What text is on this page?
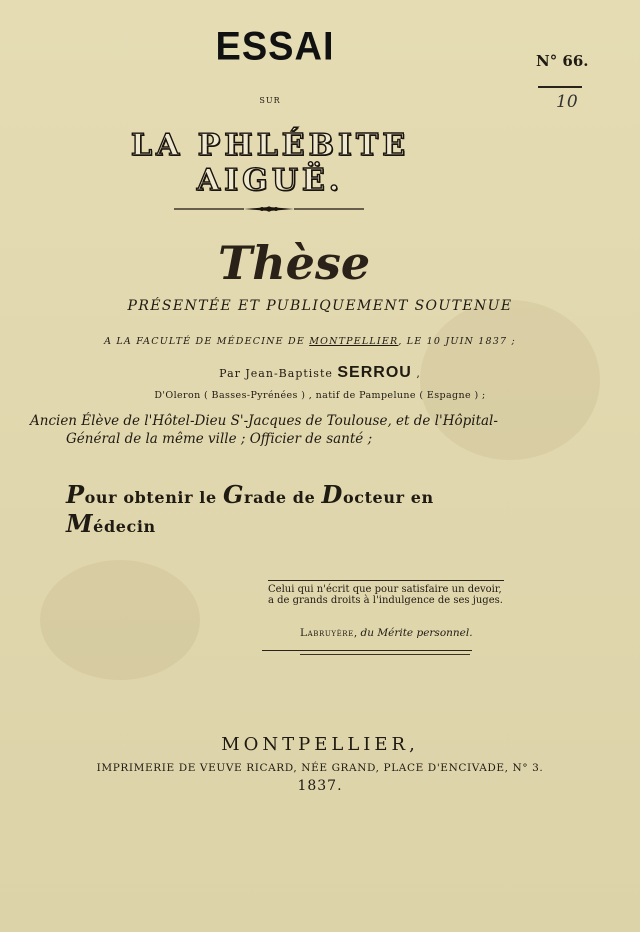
ESSAI	N° 66.
10
SUR
LA PHLÉBITE AIGUË.
Thèse
PRÉSENTÉE ET PUBLIQUEMENT SOUTENUE
A LA FACULTÉ DE MÉDECINE DE MONTPELLIER, LE 10 JUIN 1837 ;
Par Jean-Baptiste SERROU ,
D'Oleron ( Basses-Pyrénées ) , natif de Pampelune ( Espagne ) ;
Ancien Élève de l'Hôtel-Dieu S'-Jacques de Toulouse, et de l'Hôpital-
Général de la même ville ; Officier de santé ;
Pour obtenir le Grade de Docteur en Médecin
Celui qui n'écrit que pour satisfaire un devoir, a de grands droits à l'indulgence de ses juges.
Labruyère, du Mérite personnel.
MONTPELLIER,
IMPRIMERIE DE VEUVE RICARD, NÉE GRAND, PLACE D'ENCIVADE, N° 3.
1837.
